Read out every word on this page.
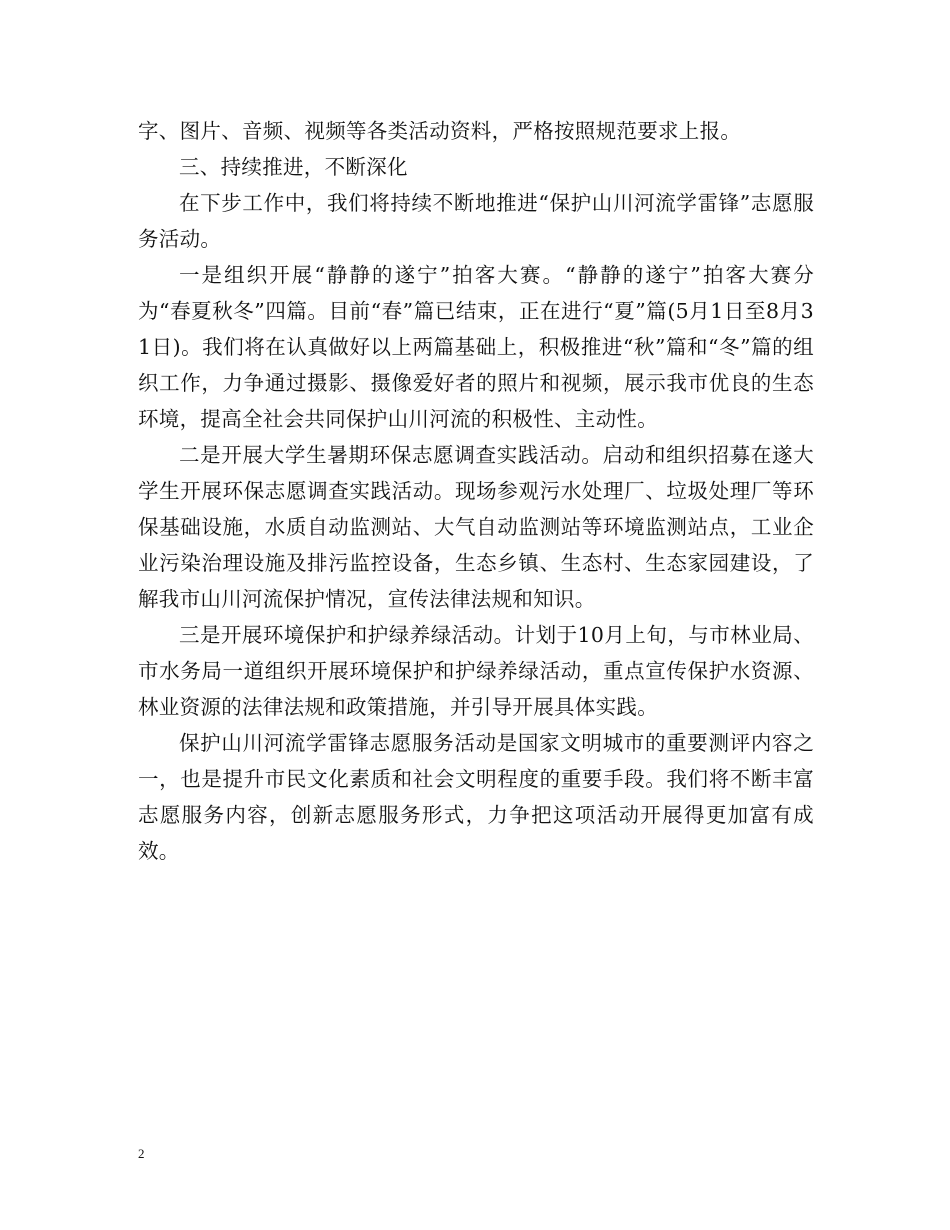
字、图片、音频、视频等各类活动资料，严格按照规范要求上报。

三、持续推进，不断深化

在下步工作中，我们将持续不断地推进“保护山川河流学雷锋”志愿服务活动。

一是组织开展“静静的遂宁”拍客大赛。“静静的遂宁”拍客大赛分为“春夏秋冬”四篇。目前“春”篇已结束，正在进行“夏”篇(5月1日至8月31日)。我们将在认真做好以上两篇基础上，积极推进“秋”篇和“冬”篇的组织工作，力争通过摄影、摄像爱好者的照片和视频，展示我市优良的生态环境，提高全社会共同保护山川河流的积极性、主动性。

二是开展大学生暑期环保志愿调查实践活动。启动和组织招募在遂大学生开展环保志愿调查实践活动。现场参观污水处理厂、垃圾处理厂等环保基础设施，水质自动监测站、大气自动监测站等环境监测站点，工业企业污染治理设施及排污监控设备，生态乡镇、生态村、生态家园建设，了解我市山川河流保护情况，宣传法律法规和知识。

三是开展环境保护和护绿养绿活动。计划于10月上旬，与市林业局、市水务局一道组织开展环境保护和护绿养绿活动，重点宣传保护水资源、林业资源的法律法规和政策措施，并引导开展具体实践。

保护山川河流学雷锋志愿服务活动是国家文明城市的重要测评内容之一，也是提升市民文化素质和社会文明程度的重要手段。我们将不断丰富志愿服务内容，创新志愿服务形式，力争把这项活动开展得更加富有成效。

2
